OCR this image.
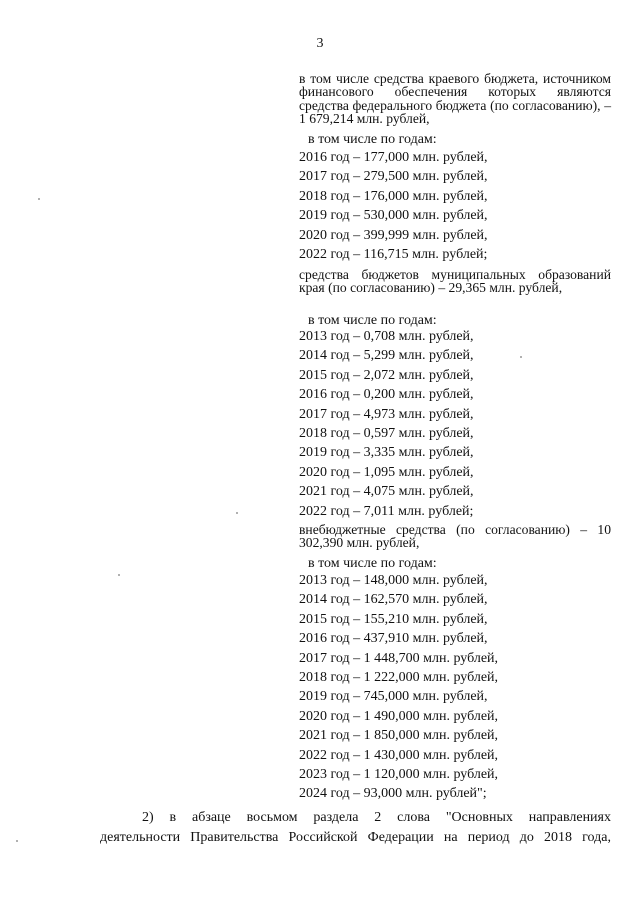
3

в том числе средства краевого бюджета, источником финансового обеспечения которых являются средства федерального бюджета (по согласованию), – 1 679,214 млн. рублей,

в том числе по годам:
2016 год – 177,000 млн. рублей,
2017 год – 279,500 млн. рублей,
2018 год – 176,000 млн. рублей,
2019 год – 530,000 млн. рублей,
2020 год – 399,999 млн. рублей,
2022 год – 116,715 млн. рублей;

средства бюджетов муниципальных образований края (по согласованию) – 29,365 млн. рублей,

в том числе по годам:
2013 год – 0,708 млн. рублей,
2014 год – 5,299 млн. рублей,
2015 год – 2,072 млн. рублей,
2016 год – 0,200 млн. рублей,
2017 год – 4,973 млн. рублей,
2018 год – 0,597 млн. рублей,
2019 год – 3,335 млн. рублей,
2020 год – 1,095 млн. рублей,
2021 год – 4,075 млн. рублей,
2022 год – 7,011 млн. рублей;

внебюджетные средства (по согласованию) – 10 302,390 млн. рублей,

в том числе по годам:
2013 год – 148,000 млн. рублей,
2014 год – 162,570 млн. рублей,
2015 год – 155,210 млн. рублей,
2016 год – 437,910 млн. рублей,
2017 год – 1 448,700 млн. рублей,
2018 год – 1 222,000 млн. рублей,
2019 год – 745,000 млн. рублей,
2020 год – 1 490,000 млн. рублей,
2021 год – 1 850,000 млн. рублей,
2022 год – 1 430,000 млн. рублей,
2023 год – 1 120,000 млн. рублей,
2024 год – 93,000 млн. рублей";
2) в абзаце восьмом раздела 2 слова "Основных направлениях
деятельности Правительства Российской Федерации на период до 2018 года,
